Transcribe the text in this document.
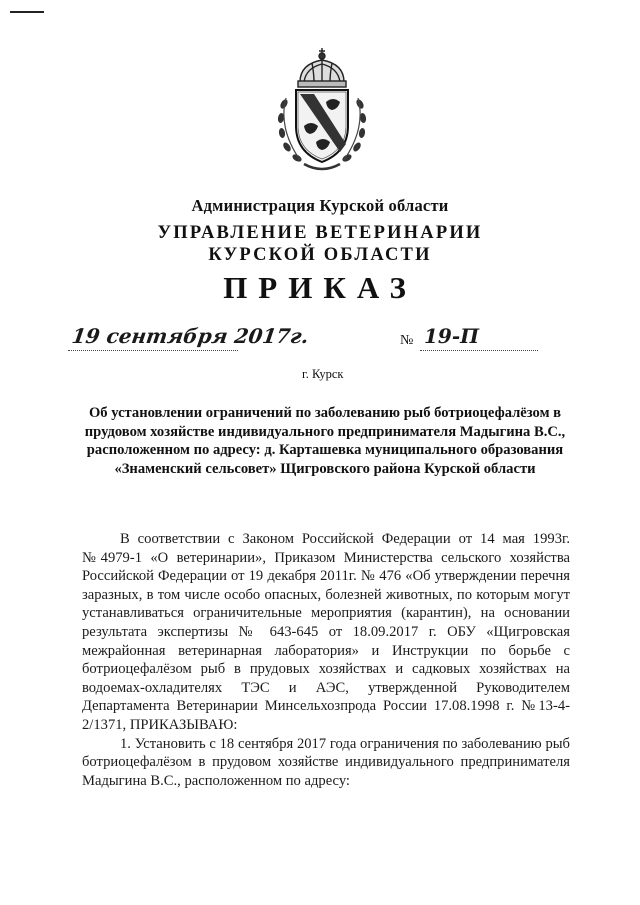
Администрация Курской области
УПРАВЛЕНИЕ ВЕТЕРИНАРИИ
КУРСКОЙ ОБЛАСТИ
ПРИКАЗ
19 сентября 2017г.	№ 19-П
г. Курск
Об установлении ограничений по заболеванию рыб ботриоцефалёзом в прудовом хозяйстве индивидуального предпринимателя Мадыгина В.С., расположенном по адресу: д. Карташевка муниципального образования «Знаменский сельсовет» Щигровского района Курской области

В соответствии с Законом Российской Федерации от 14 мая 1993г. №4979-1 «О ветеринарии», Приказом Министерства сельского хозяйства Российской Федерации от 19 декабря 2011г. № 476 «Об утверждении перечня заразных, в том числе особо опасных, болезней животных, по которым могут устанавливаться ограничительные мероприятия (карантин), на основании результата экспертизы № 643-645 от 18.09.2017 г. ОБУ «Щигровская межрайонная ветеринарная лаборатория» и Инструкции по борьбе с ботриоцефалёзом рыб в прудовых хозяйствах и садковых хозяйствах на водоемах-охладителях ТЭС и АЭС, утвержденной Руководителем Департамента Ветеринарии Минсельхозпрода России 17.08.1998 г. №13-4-2/1371, ПРИКАЗЫВАЮ:

1. Установить с 18 сентября 2017 года ограничения по заболеванию рыб ботриоцефалёзом в прудовом хозяйстве индивидуального предпринимателя Мадыгина В.С., расположенном по адресу:
